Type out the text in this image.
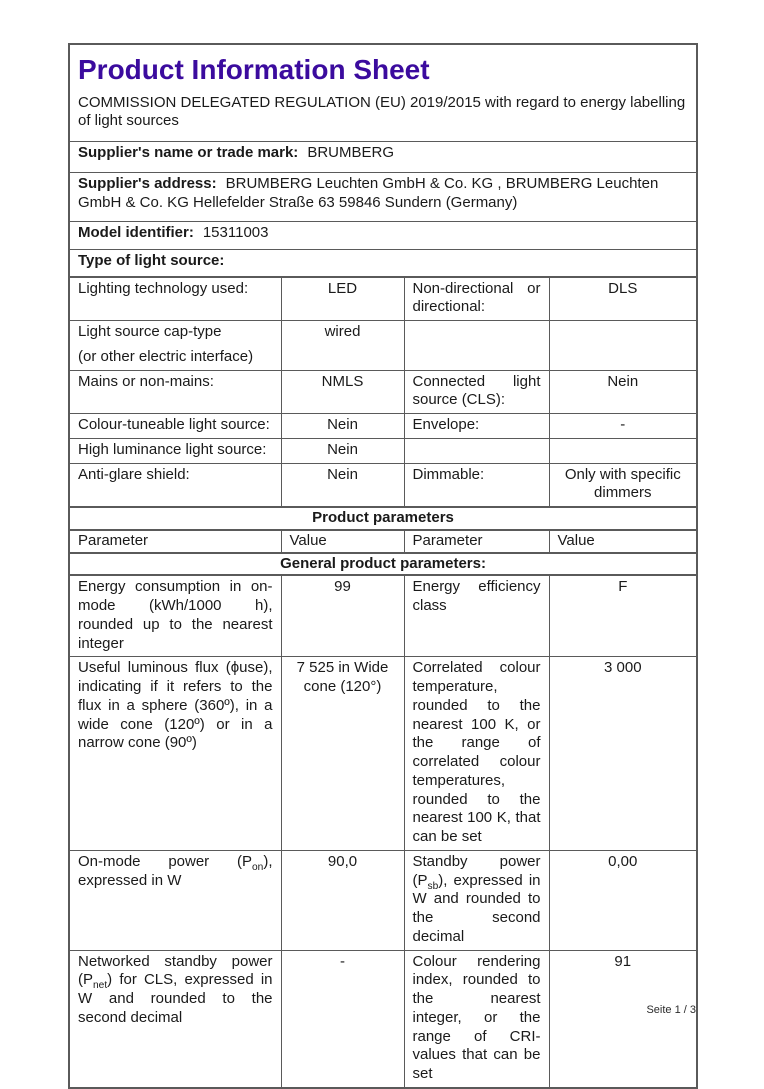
Product Information Sheet
COMMISSION DELEGATED REGULATION (EU) 2019/2015 with regard to energy labelling of light sources

Supplier's name or trade mark: BRUMBERG			
Supplier's address: BRUMBERG Leuchten GmbH & Co. KG , BRUMBERG Leuchten GmbH & Co. KG Hellefelder Straße 63 59846 Sundern (Germany)			
Model identifier: 15311003			
Type of light source:			
Lighting technology used:	LED	Non-directional or directional:	DLS

Light source cap-type
(or other electric interface)	wired		
Mains or non-mains:	NMLS	Connected light source (CLS):	Nein
Colour-tuneable light source:	Nein	Envelope:	-
High luminance light source:	Nein		
Anti-glare shield:	Nein	Dimmable:	Only with specific dimmers
Product parameters			
Parameter	Value	Parameter	Value
General product parameters:			
Energy consumption in on-mode (kWh/1000 h), rounded up to the nearest integer	99	Energy efficiency class	F
Useful luminous flux (ϕuse), indicating if it refers to the flux in a sphere (360º), in a wide cone (120º) or in a narrow cone (90º)	7 525 in Wide cone (120°)	Correlated colour temperature, rounded to the nearest 100 K, or the range of correlated colour temperatures, rounded to the nearest 100 K, that can be set	3 000
On-mode power $(P_{on})$, expressed in W	90,0	Standby power $(P_{sb})$, expressed in W and rounded to the second decimal	0,00
Networked standby power $(P_{net})$ for CLS, expressed in W and rounded to the second decimal	-	Colour rendering index, rounded to the nearest integer, or the range of CRI-values that can be set	91
Seite 1 / 3
